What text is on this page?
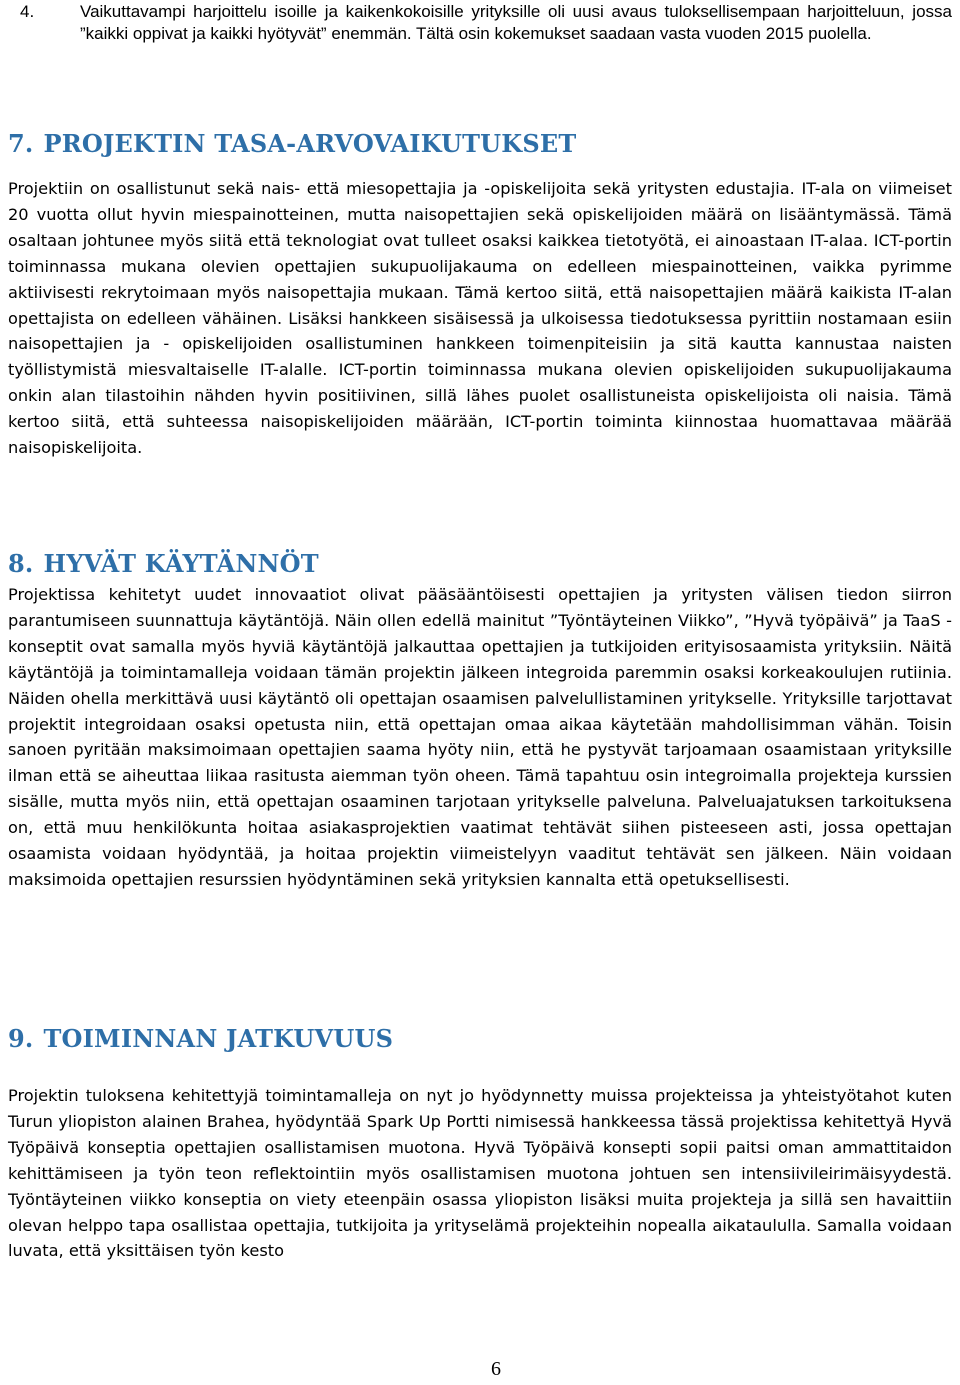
4.	Vaikuttavampi harjoittelu isoille ja kaikenkokoisille yrityksille oli uusi avaus tuloksellisempaan harjoitteluun, jossa ”kaikki oppivat ja kaikki hyötyvät” enemmän. Tältä osin kokemukset saadaan vasta vuoden 2015 puolella.
7. PROJEKTIN TASA-ARVOVAIKUTUKSET

Projektiin on osallistunut sekä nais- että miesopettajia ja -opiskelijoita sekä yritysten edustajia. IT-ala on viimeiset 20 vuotta ollut hyvin miespainotteinen, mutta naisopettajien sekä opiskelijoiden määrä on lisääntymässä. Tämä osaltaan johtunee myös siitä että teknologiat ovat tulleet osaksi kaikkea tietotyötä, ei ainoastaan IT-alaa. ICT-portin toiminnassa mukana olevien opettajien sukupuolijakauma on edelleen miespainotteinen, vaikka pyrimme aktiivisesti rekrytoimaan myös naisopettajia mukaan. Tämä kertoo siitä, että naisopettajien määrä kaikista IT-alan opettajista on edelleen vähäinen. Lisäksi hankkeen sisäisessä ja ulkoisessa tiedotuksessa pyrittiin nostamaan esiin naisopettajien ja - opiskelijoiden osallistuminen hankkeen toimenpiteisiin ja sitä kautta kannustaa naisten työllistymistä miesvaltaiselle IT-alalle. ICT-portin toiminnassa mukana olevien opiskelijoiden sukupuolijakauma onkin alan tilastoihin nähden hyvin positiivinen, sillä lähes puolet osallistuneista opiskelijoista oli naisia. Tämä kertoo siitä, että suhteessa naisopiskelijoiden määrään, ICT-portin toiminta kiinnostaa huomattavaa määrää naisopiskelijoita.

8. HYVÄT KÄYTÄNNÖT

Projektissa kehitetyt uudet innovaatiot olivat pääsääntöisesti opettajien ja yritysten välisen tiedon siirron parantumiseen suunnattuja käytäntöjä. Näin ollen edellä mainitut ”Työntäyteinen Viikko”, ”Hyvä työpäivä” ja TaaS -konseptit ovat samalla myös hyviä käytäntöjä jalkauttaa opettajien ja tutkijoiden erityisosaamista yrityksiin. Näitä käytäntöjä ja toimintamalleja voidaan tämän projektin jälkeen integroida paremmin osaksi korkeakoulujen rutiinia. Näiden ohella merkittävä uusi käytäntö oli opettajan osaamisen palvelullistaminen yritykselle. Yrityksille tarjottavat projektit integroidaan osaksi opetusta niin, että opettajan omaa aikaa käytetään mahdollisimman vähän. Toisin sanoen pyritään maksimoimaan opettajien saama hyöty niin, että he pystyvät tarjoamaan osaamistaan yrityksille ilman että se aiheuttaa liikaa rasitusta aiemman työn oheen. Tämä tapahtuu osin integroimalla projekteja kurssien sisälle, mutta myös niin, että opettajan osaaminen tarjotaan yritykselle palveluna. Palveluajatuksen tarkoituksena on, että muu henkilökunta hoitaa asiakasprojektien vaatimat tehtävät siihen pisteeseen asti, jossa opettajan osaamista voidaan hyödyntää, ja hoitaa projektin viimeistelyyn vaaditut tehtävät sen jälkeen. Näin voidaan maksimoida opettajien resurssien hyödyntäminen sekä yrityksien kannalta että opetuksellisesti.

9. TOIMINNAN JATKUVUUS

Projektin tuloksena kehitettyjä toimintamalleja on nyt jo hyödynnetty muissa projekteissa ja yhteistyötahot kuten Turun yliopiston alainen Brahea, hyödyntää Spark Up Portti nimisessä hankkeessa tässä projektissa kehitettyä Hyvä Työpäivä konseptia opettajien osallistamisen muotona. Hyvä Työpäivä konsepti sopii paitsi oman ammattitaidon kehittämiseen ja työn teon reflektointiin myös osallistamisen muotona johtuen sen intensiivileirimäisyydestä. Työntäyteinen viikko konseptia on viety eteenpäin osassa yliopiston lisäksi muita projekteja ja sillä sen havaittiin olevan helppo tapa osallistaa opettajia, tutkijoita ja yrityselämä projekteihin nopealla aikataululla. Samalla voidaan luvata, että yksittäisen työn kesto

6
